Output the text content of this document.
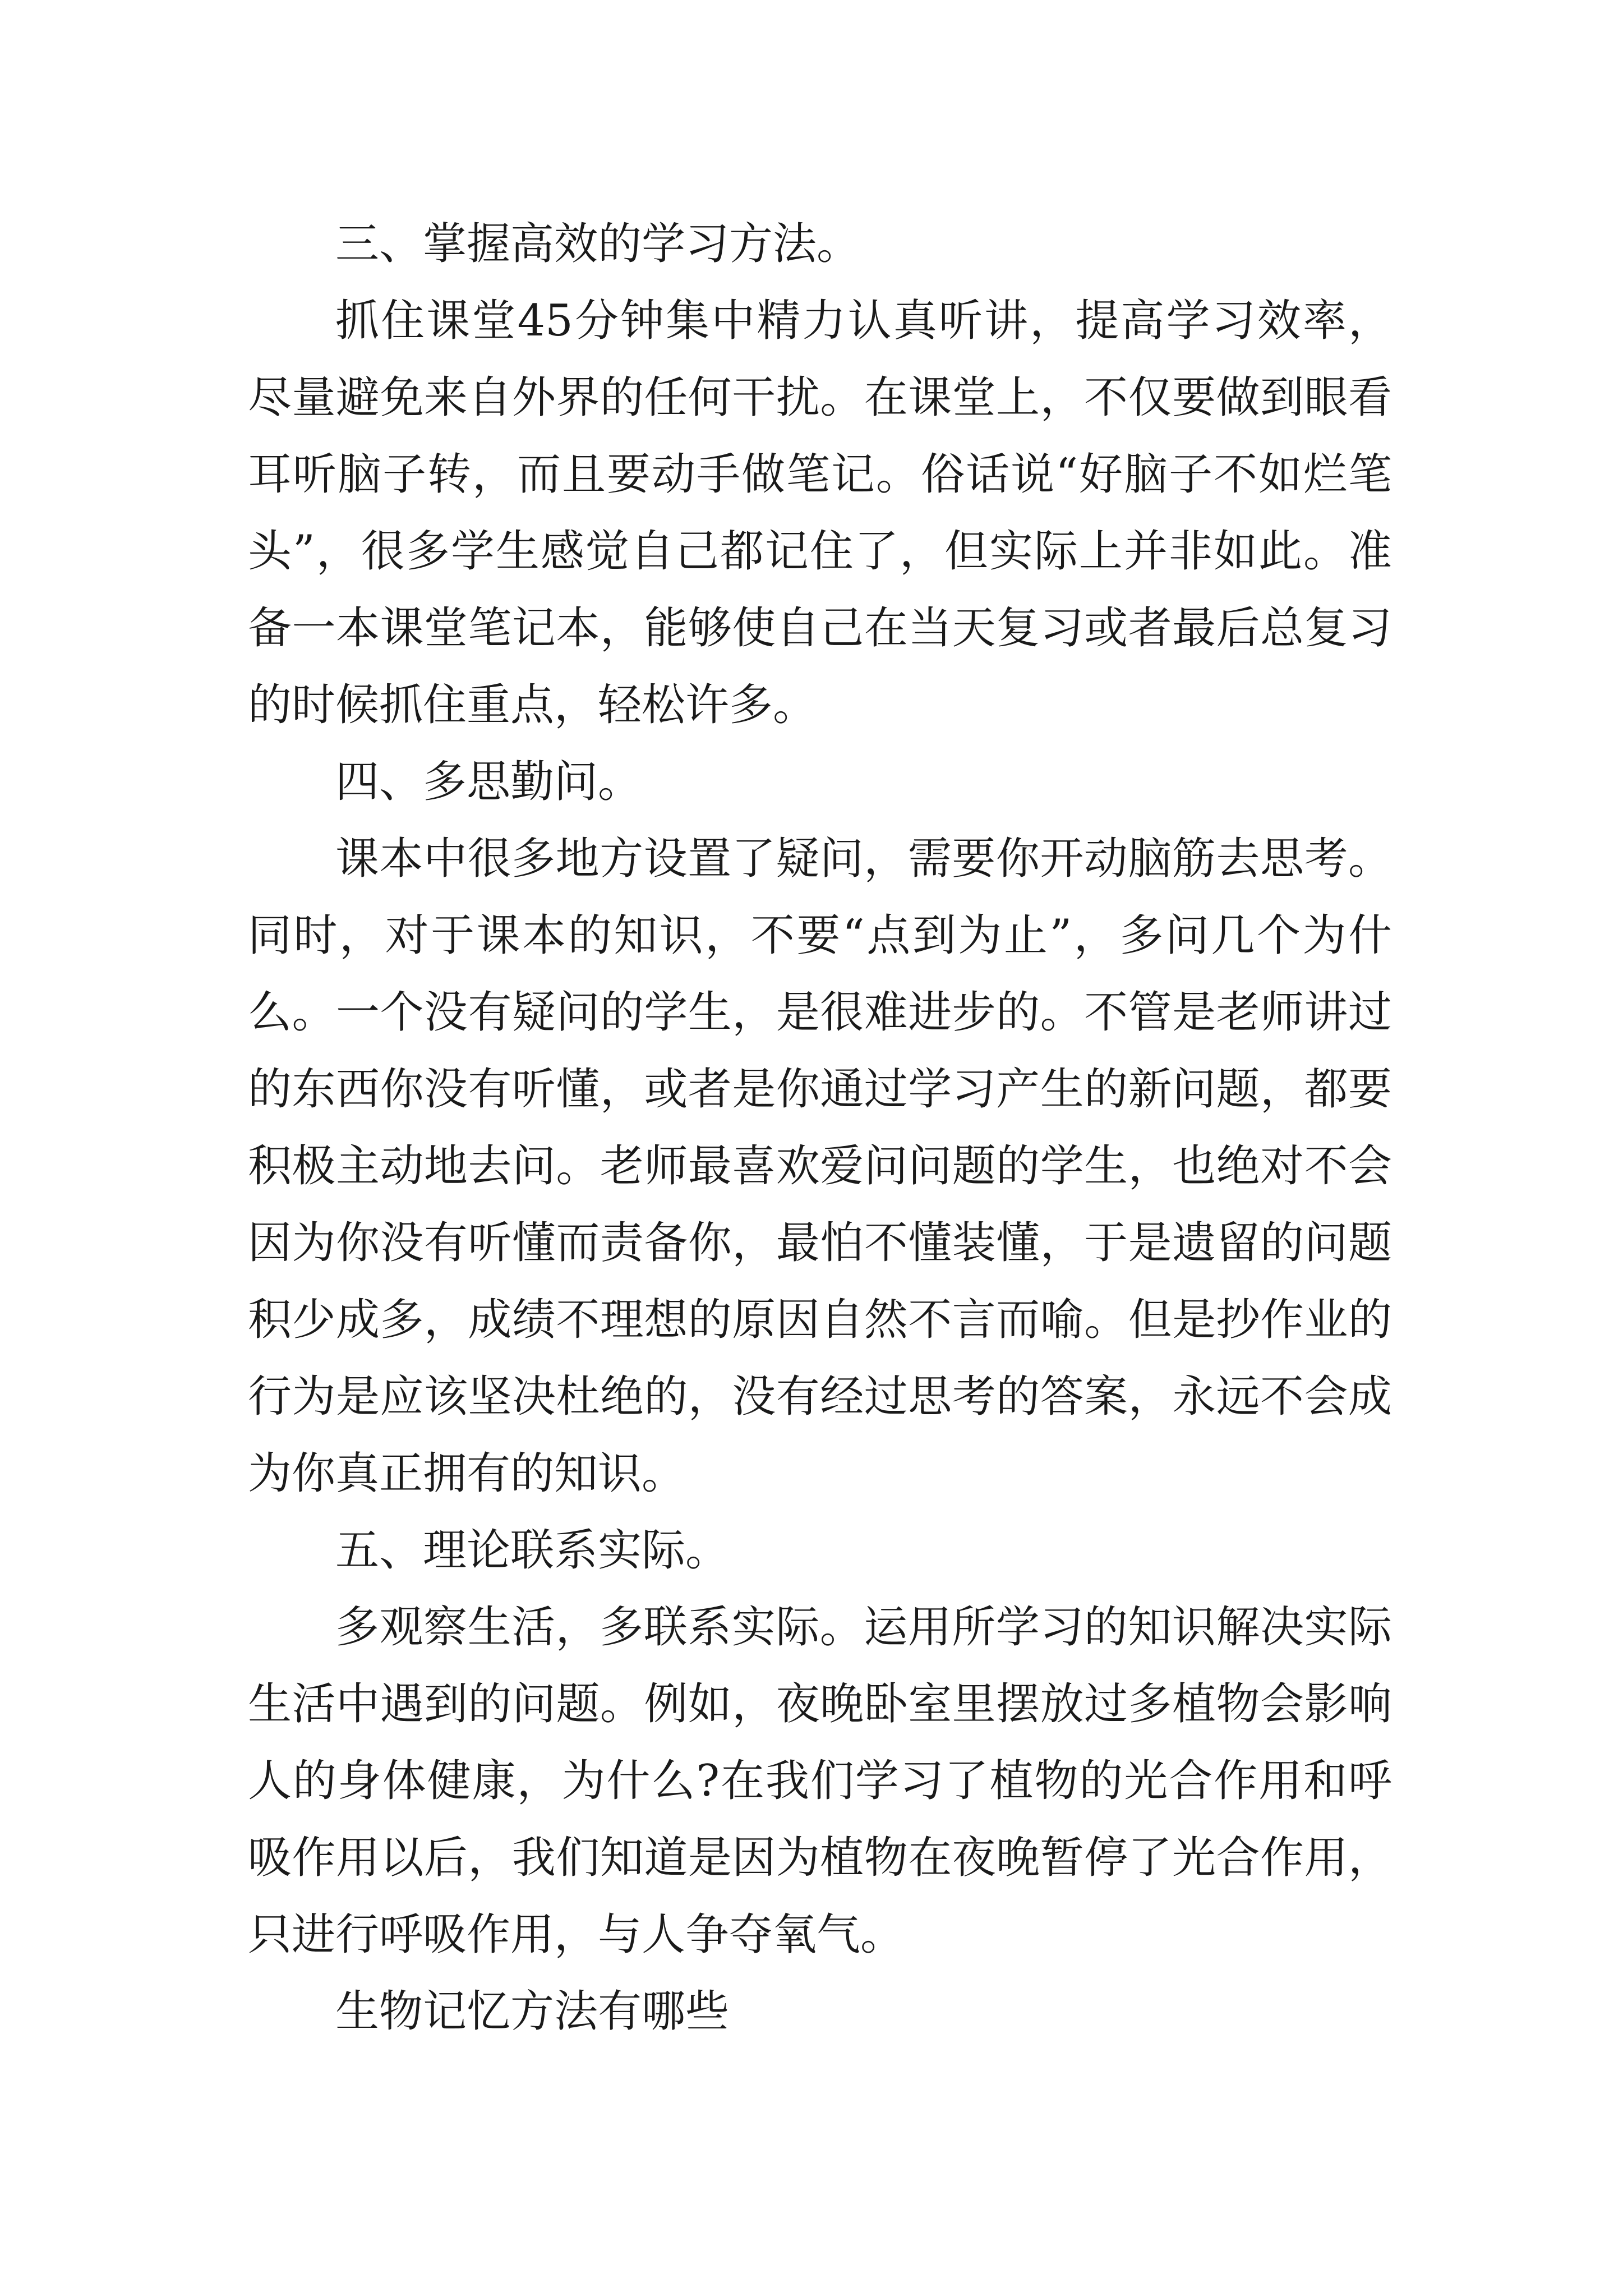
三、掌握高效的学习方法。

抓住课堂45分钟集中精力认真听讲，提高学习效率，尽量避免来自外界的任何干扰。在课堂上，不仅要做到眼看耳听脑子转，而且要动手做笔记。俗话说“好脑子不如烂笔头”，很多学生感觉自己都记住了，但实际上并非如此。准备一本课堂笔记本，能够使自己在当天复习或者最后总复习的时候抓住重点，轻松许多。

四、多思勤问。

课本中很多地方设置了疑问，需要你开动脑筋去思考。同时，对于课本的知识，不要“点到为止”，多问几个为什么。一个没有疑问的学生，是很难进步的。不管是老师讲过的东西你没有听懂，或者是你通过学习产生的新问题，都要积极主动地去问。老师最喜欢爱问问题的学生，也绝对不会因为你没有听懂而责备你，最怕不懂装懂，于是遗留的问题积少成多，成绩不理想的原因自然不言而喻。但是抄作业的行为是应该坚决杜绝的，没有经过思考的答案，永远不会成为你真正拥有的知识。

五、理论联系实际。

多观察生活，多联系实际。运用所学习的知识解决实际生活中遇到的问题。例如，夜晚卧室里摆放过多植物会影响人的身体健康，为什么?在我们学习了植物的光合作用和呼吸作用以后，我们知道是因为植物在夜晚暂停了光合作用，只进行呼吸作用，与人争夺氧气。

生物记忆方法有哪些
